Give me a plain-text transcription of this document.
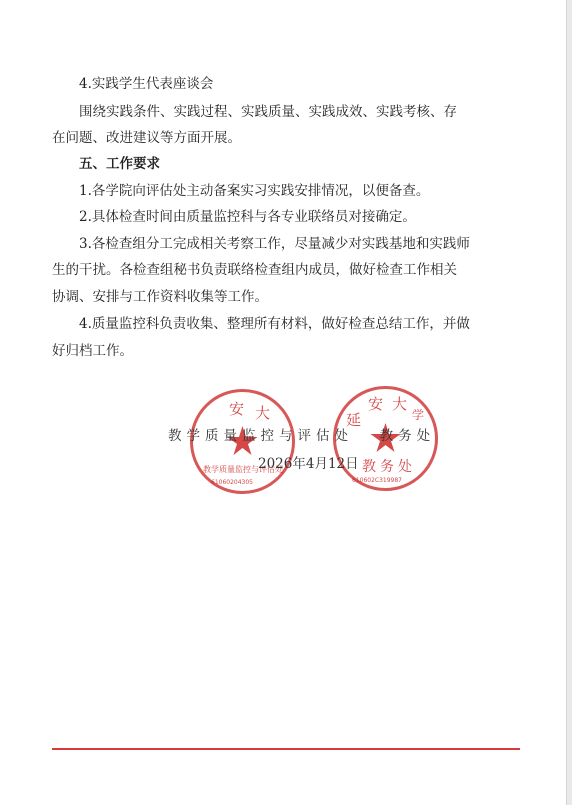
4.实践学生代表座谈会

围绕实践条件、实践过程、实践质量、实践成效、实践考核、存

在问题、改进建议等方面开展。

五、工作要求

1.各学院向评估处主动备案实习实践安排情况，以便备查。

2.具体检查时间由质量监控科与各专业联络员对接确定。

3.各检查组分工完成相关考察工作，尽量减少对实践基地和实践师

生的干扰。各检查组秘书负责联络检查组内成员，做好检查工作相关

协调、安排与工作资料收集等工作。

4.质量监控科负责收集、整理所有材料，做好检查总结工作，并做

好归档工作。

安 大
教学质量监控与评估处
61060204305
延
安 大
学
教 务 处
610602C319987
教学质量监控与评估处 教务处
2026年4月12日
